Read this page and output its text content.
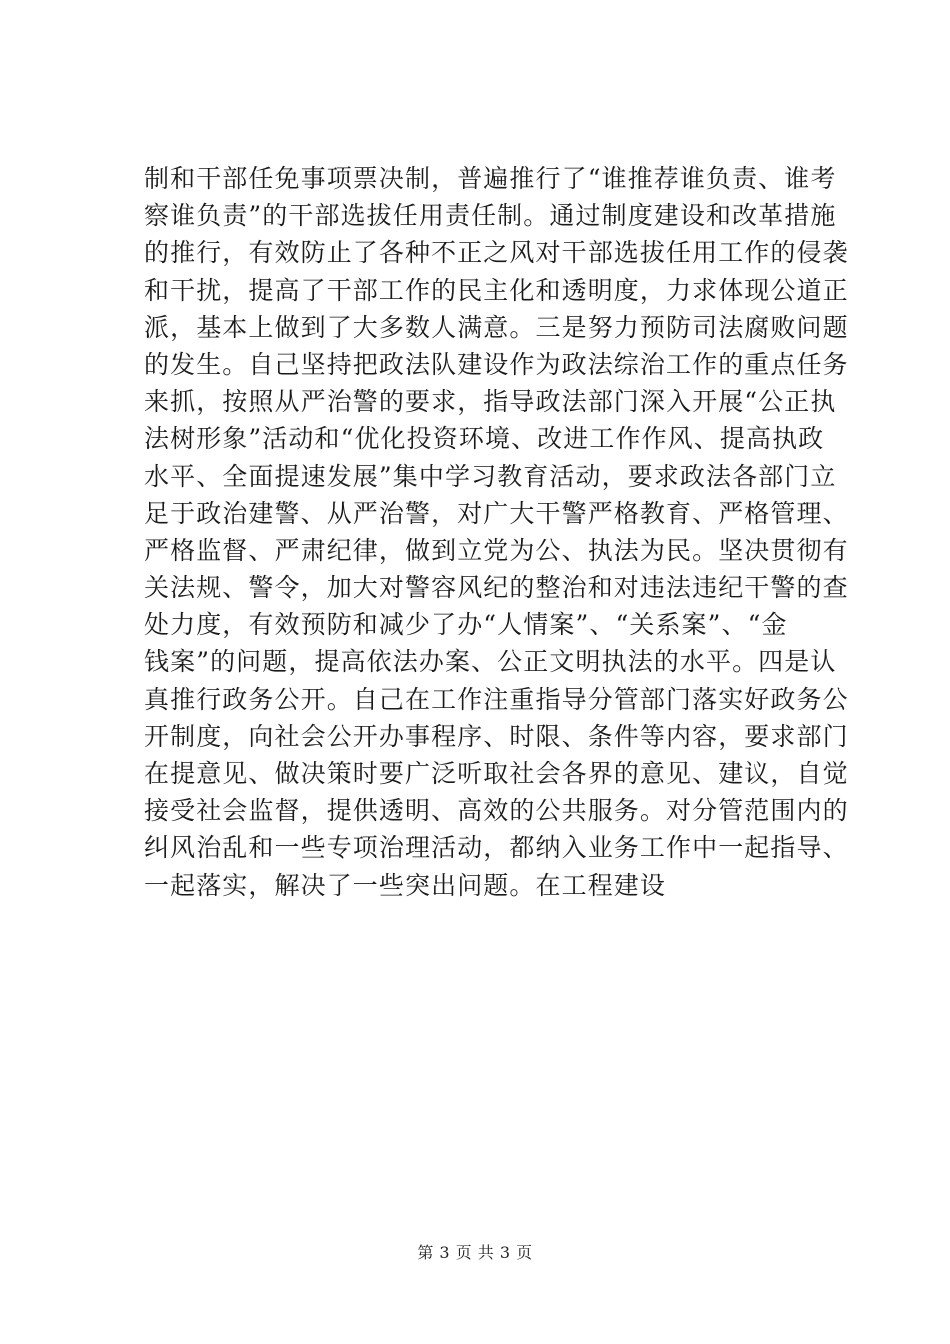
制和干部任免事项票决制，普遍推行了“谁推荐谁负责、谁考
察谁负责”的干部选拔任用责任制。通过制度建设和改革措施
的推行，有效防止了各种不正之风对干部选拔任用工作的侵袭
和干扰，提高了干部工作的民主化和透明度，力求体现公道正
派，基本上做到了大多数人满意。三是努力预防司法腐败问题
的发生。自己坚持把政法队建设作为政法综治工作的重点任务
来抓，按照从严治警的要求，指导政法部门深入开展“公正执
法树形象”活动和“优化投资环境、改进工作作风、提高执政
水平、全面提速发展”集中学习教育活动，要求政法各部门立
足于政治建警、从严治警，对广大干警严格教育、严格管理、
严格监督、严肃纪律，做到立党为公、执法为民。坚决贯彻有
关法规、警令，加大对警容风纪的整治和对违法违纪干警的查
处力度，有效预防和减少了办“人情案”、“关系案”、“金
钱案”的问题，提高依法办案、公正文明执法的水平。四是认
真推行政务公开。自己在工作注重指导分管部门落实好政务公
开制度，向社会公开办事程序、时限、条件等内容，要求部门
在提意见、做决策时要广泛听取社会各界的意见、建议，自觉
接受社会监督，提供透明、高效的公共服务。对分管范围内的
纠风治乱和一些专项治理活动，都纳入业务工作中一起指导、
一起落实，解决了一些突出问题。在工程建设
第 3 页 共 3 页
